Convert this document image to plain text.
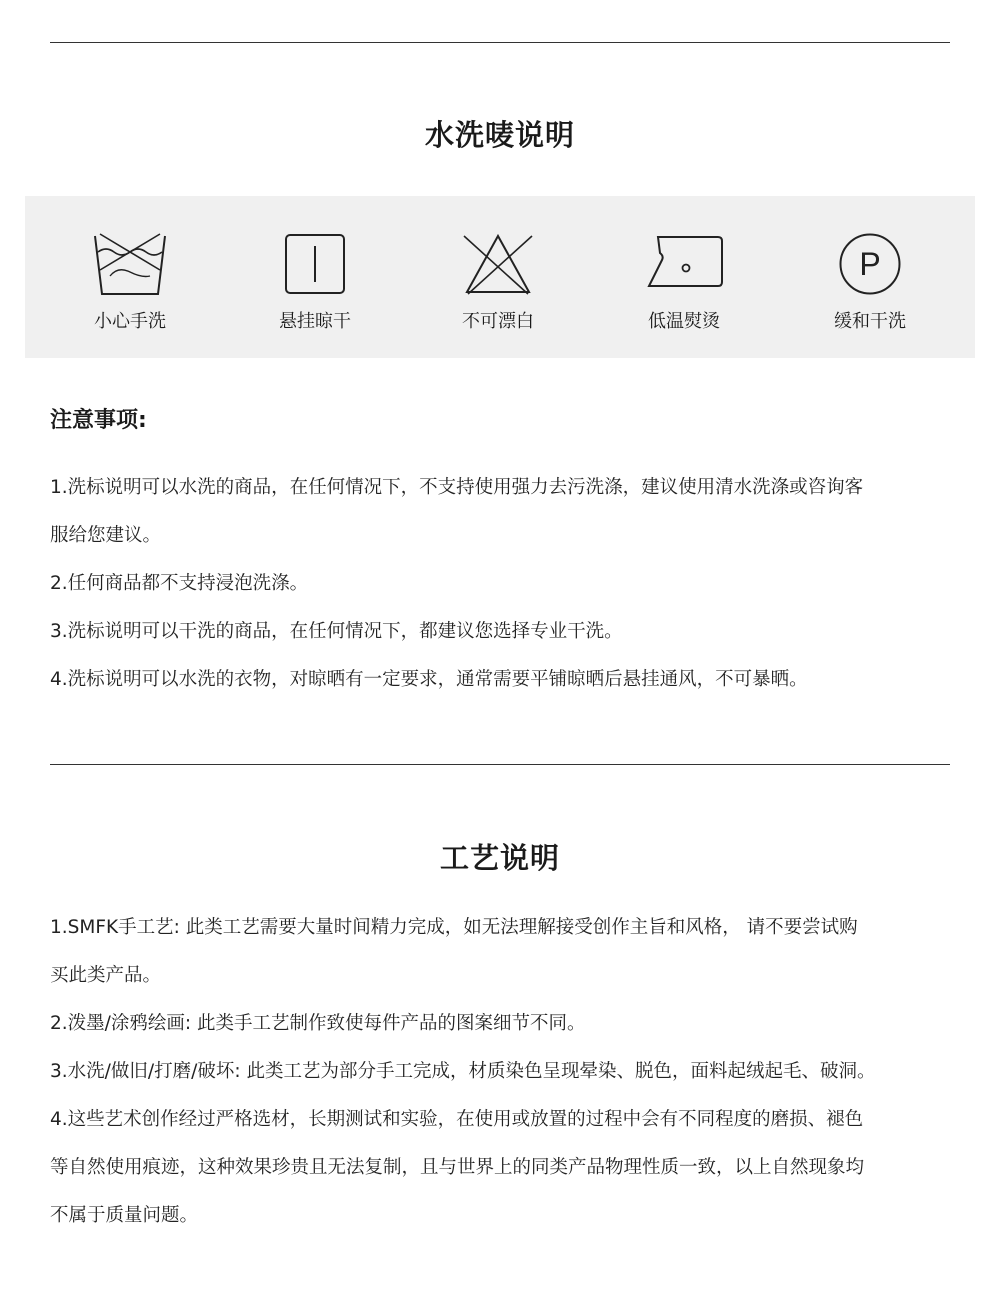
水洗唛说明
小心手洗	悬挂晾干	不可漂白	低温熨烫
P
缓和干洗
注意事项:
1.洗标说明可以水洗的商品，在任何情况下，不支持使用强力去污洗涤，建议使用清水洗涤或咨询客
服给您建议。
2.任何商品都不支持浸泡洗涤。
3.洗标说明可以干洗的商品，在任何情况下，都建议您选择专业干洗。
4.洗标说明可以水洗的衣物，对晾晒有一定要求，通常需要平铺晾晒后悬挂通风，不可暴晒。
工艺说明
1.SMFK手工艺: 此类工艺需要大量时间精力完成，如无法理解接受创作主旨和风格， 请不要尝试购
买此类产品。
2.泼墨/涂鸦绘画: 此类手工艺制作致使每件产品的图案细节不同。
3.水洗/做旧/打磨/破坏: 此类工艺为部分手工完成，材质染色呈现晕染、脱色，面料起绒起毛、破洞。
4.这些艺术创作经过严格选材，长期测试和实验，在使用或放置的过程中会有不同程度的磨损、褪色
等自然使用痕迹，这种效果珍贵且无法复制，且与世界上的同类产品物理性质一致，以上自然现象均
不属于质量问题。
